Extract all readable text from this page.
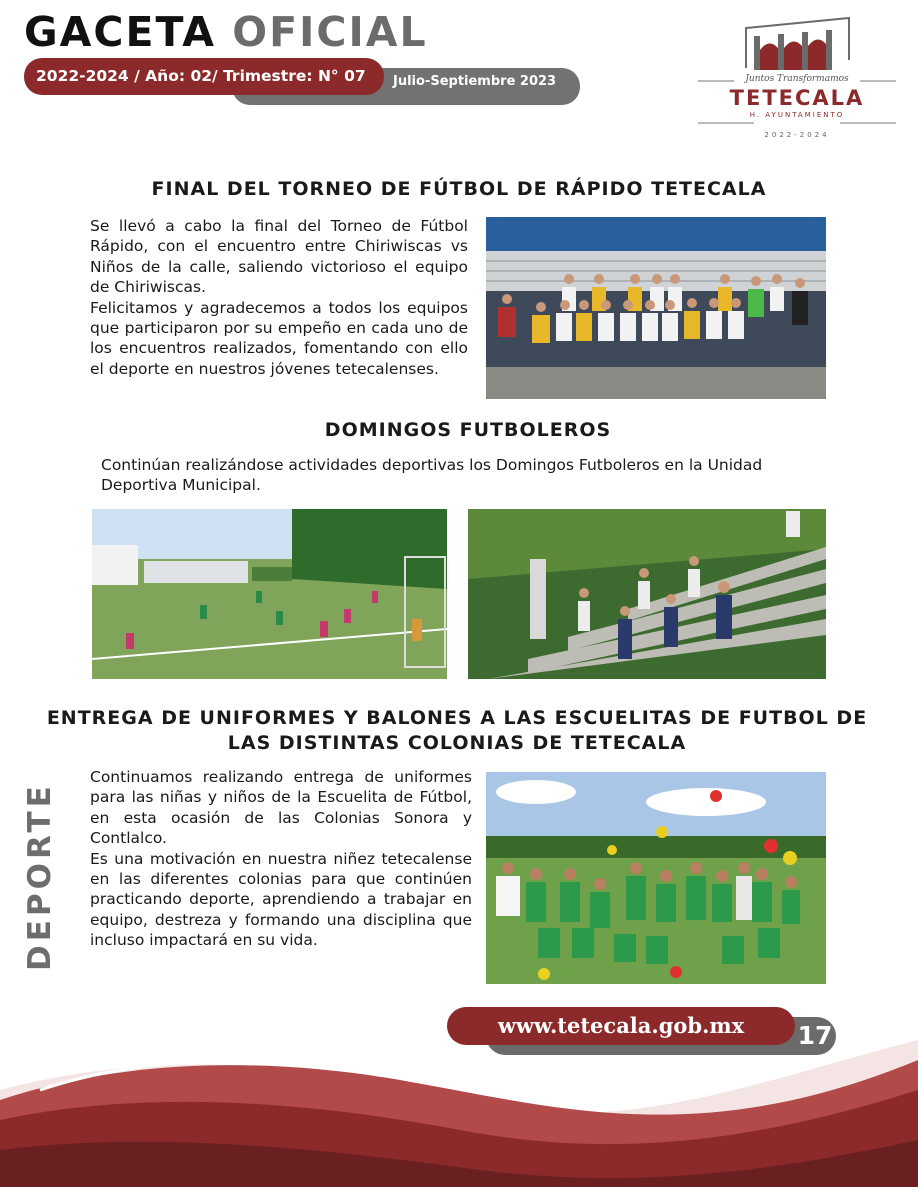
GACETA OFICIAL
Julio-Septiembre 2023
2022-2024 / Año: 02/ Trimestre: N° 07	Juntos Transformamos
TETECALA
H. AYUNTAMIENTO
2022-2024
FINAL DEL TORNEO DE FÚTBOL DE RÁPIDO TETECALA
Se llevó a cabo la final del Torneo de Fútbol Rápido, con el encuentro entre Chiriwiscas vs Niños de la calle, saliendo victorioso el equipo de Chiriwiscas.
Felicitamos y agradecemos a todos los equipos que participaron por su empeño en cada uno de los encuentros realizados, fomentando con ello el deporte en nuestros jóvenes tetecalenses.
DOMINGOS FUTBOLEROS
Continúan realizándose actividades deportivas los Domingos Futboleros en la Unidad Deportiva Municipal.
ENTREGA DE UNIFORMES Y BALONES A LAS ESCUELITAS DE FUTBOL DE LAS DISTINTAS COLONIAS DE TETECALA
Continuamos realizando entrega de uniformes para las niñas y niños de la Escuelita de Fútbol, en esta ocasión de las Colonias Sonora y Contlalco.
Es una motivación en nuestra niñez tetecalense en las diferentes colonias para que continúen practicando deporte, aprendiendo a trabajar en equipo, destreza y formando una disciplina que incluso impactará en su vida.
DEPORTE
www.tetecala.gob.mx	17
